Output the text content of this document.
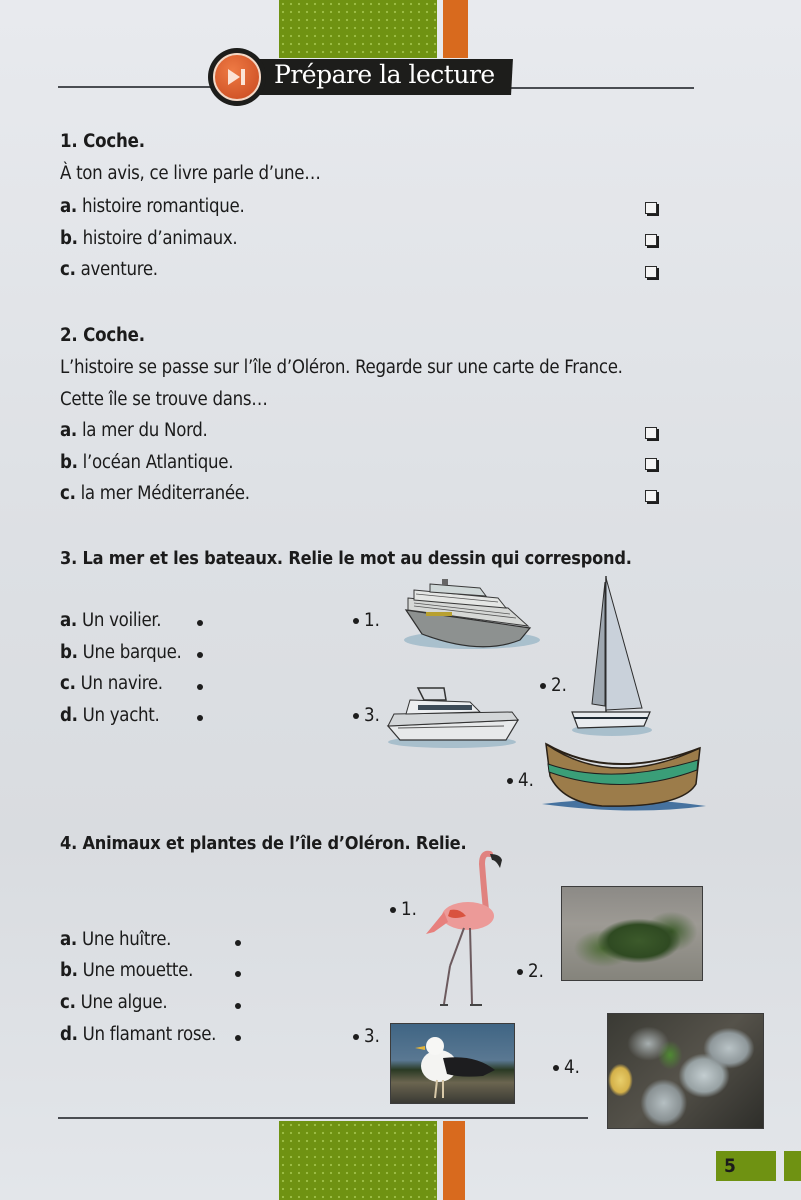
Prépare la lecture
1. Coche.
À ton avis, ce livre parle d’une…
a. histoire romantique.
b. histoire d’animaux.
c. aventure.
2. Coche.
L’histoire se passe sur l’île d’Oléron. Regarde sur une carte de France.
Cette île se trouve dans…
a. la mer du Nord.
b. l’océan Atlantique.
c. la mer Méditerranée.
3. La mer et les bateaux. Relie le mot au dessin qui correspond.
a. Un voilier.
b. Une barque.
c. Un navire.
d. Un yacht.
1.
2.
3.
4.
4. Animaux et plantes de l’île d’Oléron. Relie.
a. Une huître.
b. Une mouette.
c. Une algue.
d. Un flamant rose.
1.
2.
3.
4.
5
